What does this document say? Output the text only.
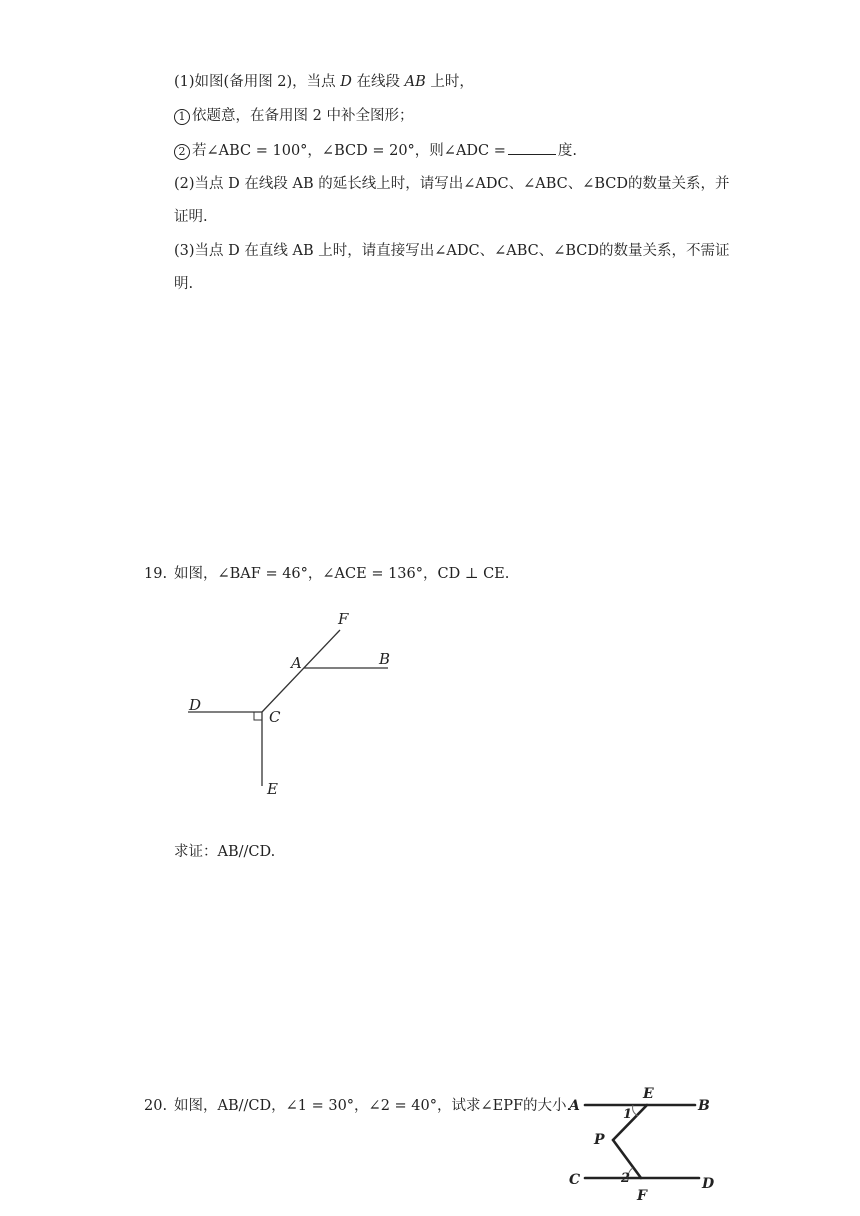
(1)如图(备用图 2)，当点 D 在线段 AB 上时，
1 依题意，在备用图 2 中补全图形；
2 若∠ABC = 100°，∠BCD = 20°，则∠ADC =	度.
(2)当点 D 在线段 AB 的延长线上时，请写出∠ADC、∠ABC、∠BCD的数量关系，并
证明.
(3)当点 D 在直线 AB 上时，请直接写出∠ADC、∠ABC、∠BCD的数量关系，不需证
明.
19. 如图，∠BAF = 46°，∠ACE = 136°，CD ⊥ CE.
F
A	B
D
C
E
求证：AB//CD.
20. 如图，AB//CD，∠1 = 30°，∠2 = 40°，试求∠EPF的大小.
A
E
B
1
P
2
C
F
D
